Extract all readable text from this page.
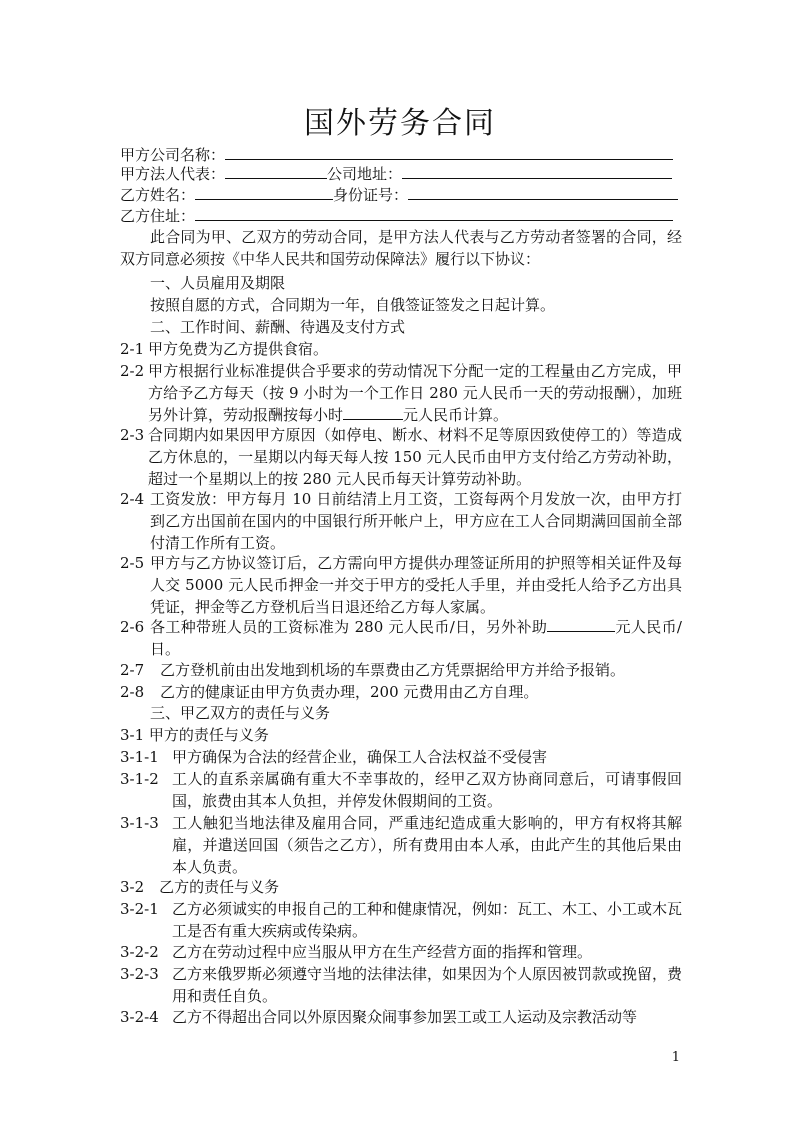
国外劳务合同
甲方公司名称：
甲方法人代表：	公司地址：
乙方姓名：	身份证号：
乙方住址：
此合同为甲、乙双方的劳动合同，是甲方法人代表与乙方劳动者签署的合同，经双方同意必须按《中华人民共和国劳动保障法》履行以下协议：
一、人员雇用及期限
按照自愿的方式，合同期为一年，自俄签证签发之日起计算。
二、工作时间、薪酬、待遇及支付方式
2-1 甲方免费为乙方提供食宿。
2-2 甲方根据行业标准提供合乎要求的劳动情况下分配一定的工程量由乙方完成，甲方给予乙方每天（按 9 小时为一个工作日 280 元人民币一天的劳动报酬），加班另外计算，劳动报酬按每小时	元人民币计算。
2-3 合同期内如果因甲方原因（如停电、断水、材料不足等原因致使停工的）等造成乙方休息的，一星期以内每天每人按 150 元人民币由甲方支付给乙方劳动补助，超过一个星期以上的按 280 元人民币每天计算劳动补助。
2-4 工资发放：甲方每月 10 日前结清上月工资，工资每两个月发放一次，由甲方打到乙方出国前在国内的中国银行所开帐户上，甲方应在工人合同期满回国前全部付清工作所有工资。
2-5 甲方与乙方协议签订后，乙方需向甲方提供办理签证所用的护照等相关证件及每人交 5000 元人民币押金一并交于甲方的受托人手里，并由受托人给予乙方出具凭证，押金等乙方登机后当日退还给乙方每人家属。
2-6 各工种带班人员的工资标准为 280 元人民币/日，另外补助	元人民币/日。
2-7	乙方登机前由出发地到机场的车票费由乙方凭票据给甲方并给予报销。
2-8	乙方的健康证由甲方负责办理，200 元费用由乙方自理。
三、甲乙双方的责任与义务
3-1 甲方的责任与义务
3-1-1 甲方确保为合法的经营企业，确保工人合法权益不受侵害
3-1-2 工人的直系亲属确有重大不幸事故的，经甲乙双方协商同意后，可请事假回国，旅费由其本人负担，并停发休假期间的工资。
3-1-3 工人触犯当地法律及雇用合同，严重违纪造成重大影响的，甲方有权将其解雇，并遣送回国（须告之乙方），所有费用由本人承，由此产生的其他后果由本人负责。
3-2　乙方的责任与义务
3-2-1 乙方必须诚实的申报自己的工种和健康情况，例如：瓦工、木工、小工或木瓦工是否有重大疾病或传染病。
3-2-2 乙方在劳动过程中应当服从甲方在生产经营方面的指挥和管理。
3-2-3 乙方来俄罗斯必须遵守当地的法律法律，如果因为个人原因被罚款或挽留，费用和责任自负。
3-2-4 乙方不得超出合同以外原因聚众闹事参加罢工或工人运动及宗教活动等
1
